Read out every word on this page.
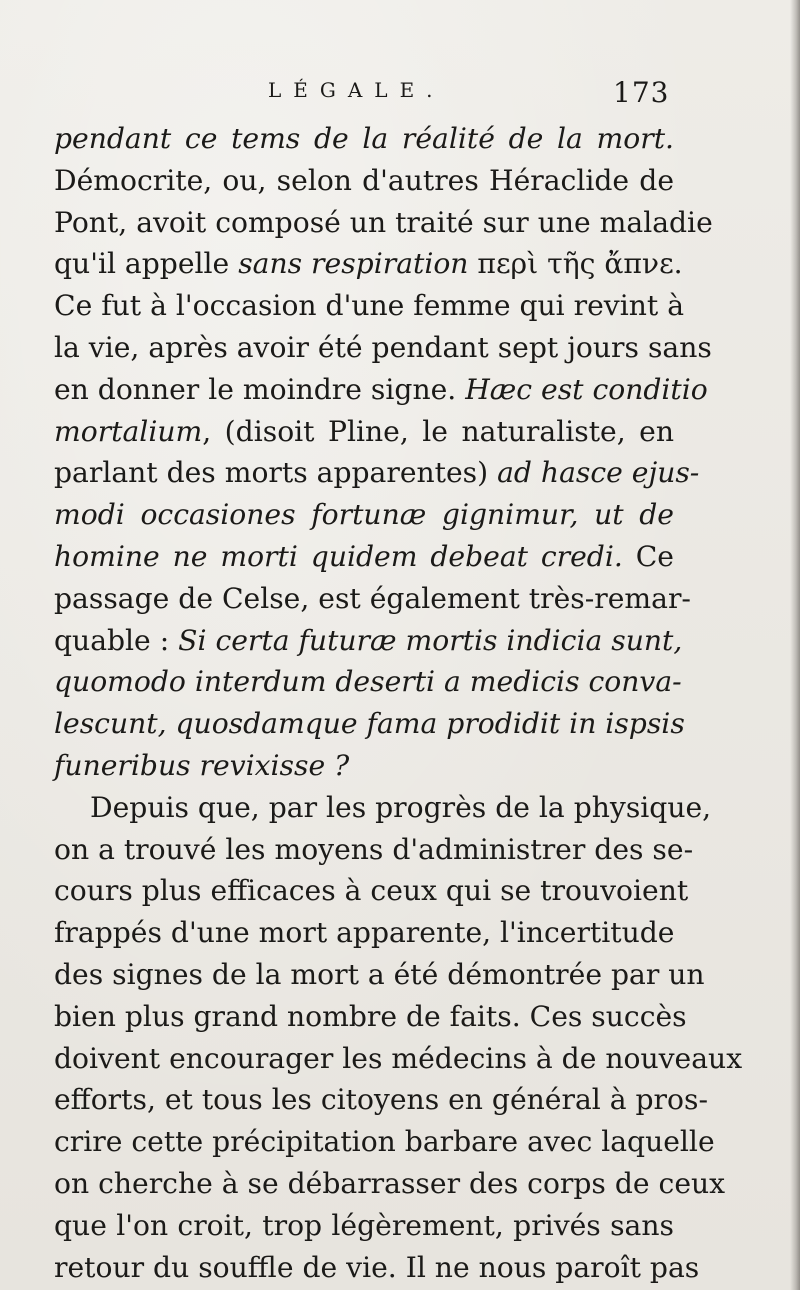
LÉGALE.	173
pendant ce tems de la réalité de la mort.
Démocrite, ou, selon d'autres Héraclide de
Pont, avoit composé un traité sur une maladie
qu'il appelle sans respiration περὶ τῆς ἄπνε.
Ce fut à l'occasion d'une femme qui revint à
la vie, après avoir été pendant sept jours sans
en donner le moindre signe. Hæc est conditio
mortalium, (disoit Pline, le naturaliste, en
parlant des morts apparentes) ad hasce ejus-
modi occasiones fortunæ gignimur, ut de
homine ne morti quidem debeat credi. Ce
passage de Celse, est également très-remar-
quable : Si certa futuræ mortis indicia sunt,
quomodo interdum deserti a medicis conva-
lescunt, quosdamque fama prodidit in ispsis
funeribus revixisse ?
Depuis que, par les progrès de la physique,
on a trouvé les moyens d'administrer des se-
cours plus efficaces à ceux qui se trouvoient
frappés d'une mort apparente, l'incertitude
des signes de la mort a été démontrée par un
bien plus grand nombre de faits. Ces succès
doivent encourager les médecins à de nouveaux
efforts, et tous les citoyens en général à pros-
crire cette précipitation barbare avec laquelle
on cherche à se débarrasser des corps de ceux
que l'on croit, trop légèrement, privés sans
retour du souffle de vie. Il ne nous paroît pas
